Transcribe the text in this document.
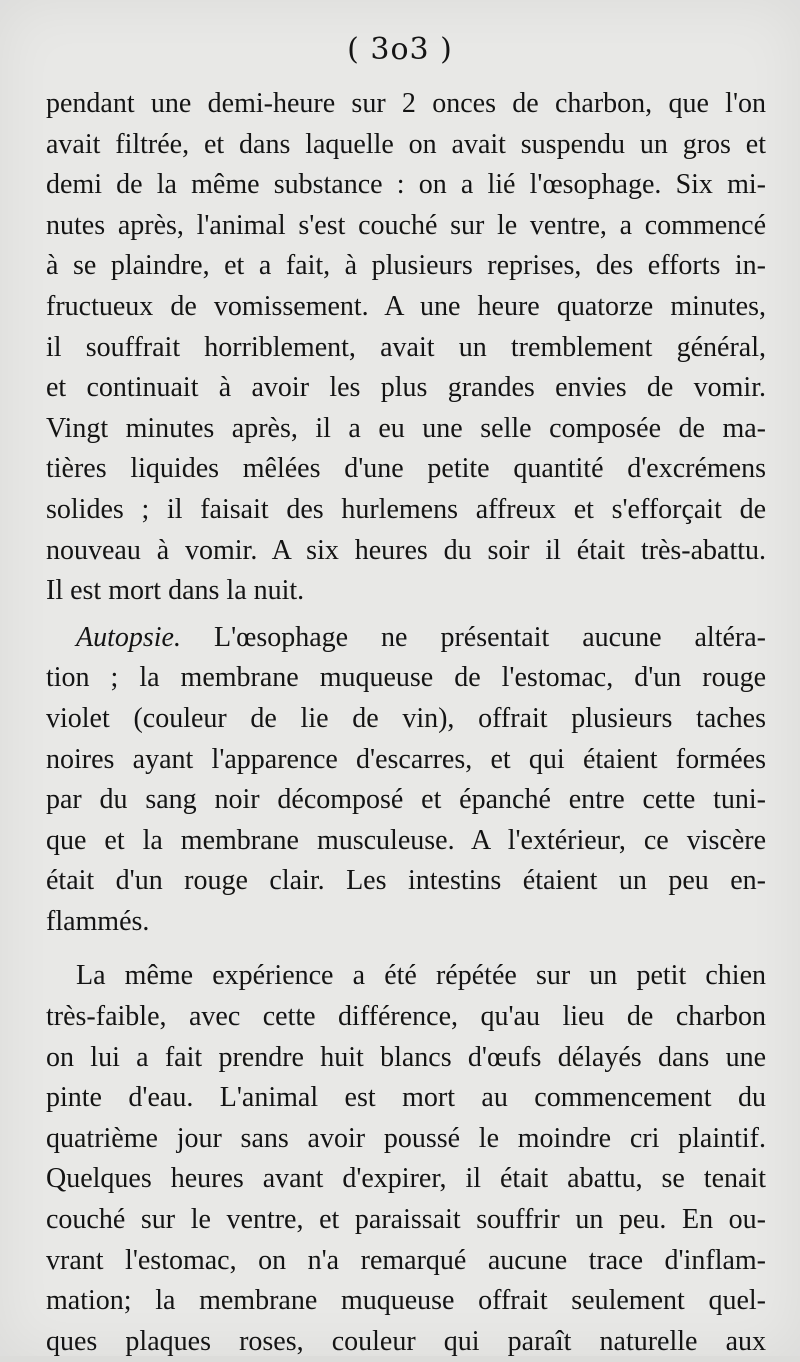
( 3o3 )
pendant une demi-heure sur 2 onces de charbon, que l'on
avait filtrée, et dans laquelle on avait suspendu un gros et
demi de la même substance : on a lié l'œsophage. Six mi-
nutes après, l'animal s'est couché sur le ventre, a commencé
à se plaindre, et a fait, à plusieurs reprises, des efforts in-
fructueux de vomissement. A une heure quatorze minutes,
il souffrait horriblement, avait un tremblement général,
et continuait à avoir les plus grandes envies de vomir.
Vingt minutes après, il a eu une selle composée de ma-
tières liquides mêlées d'une petite quantité d'excrémens
solides ; il faisait des hurlemens affreux et s'efforçait de
nouveau à vomir. A six heures du soir il était très-abattu.
Il est mort dans la nuit.
Autopsie. L'œsophage ne présentait aucune altéra-
tion ; la membrane muqueuse de l'estomac, d'un rouge
violet (couleur de lie de vin), offrait plusieurs taches
noires ayant l'apparence d'escarres, et qui étaient formées
par du sang noir décomposé et épanché entre cette tuni-
que et la membrane musculeuse. A l'extérieur, ce viscère
était d'un rouge clair. Les intestins étaient un peu en-
flammés.
La même expérience a été répétée sur un petit chien
très-faible, avec cette différence, qu'au lieu de charbon
on lui a fait prendre huit blancs d'œufs délayés dans une
pinte d'eau. L'animal est mort au commencement du
quatrième jour sans avoir poussé le moindre cri plaintif.
Quelques heures avant d'expirer, il était abattu, se tenait
couché sur le ventre, et paraissait souffrir un peu. En ou-
vrant l'estomac, on n'a remarqué aucune trace d'inflam-
mation; la membrane muqueuse offrait seulement quel-
ques plaques roses, couleur qui paraît naturelle aux
